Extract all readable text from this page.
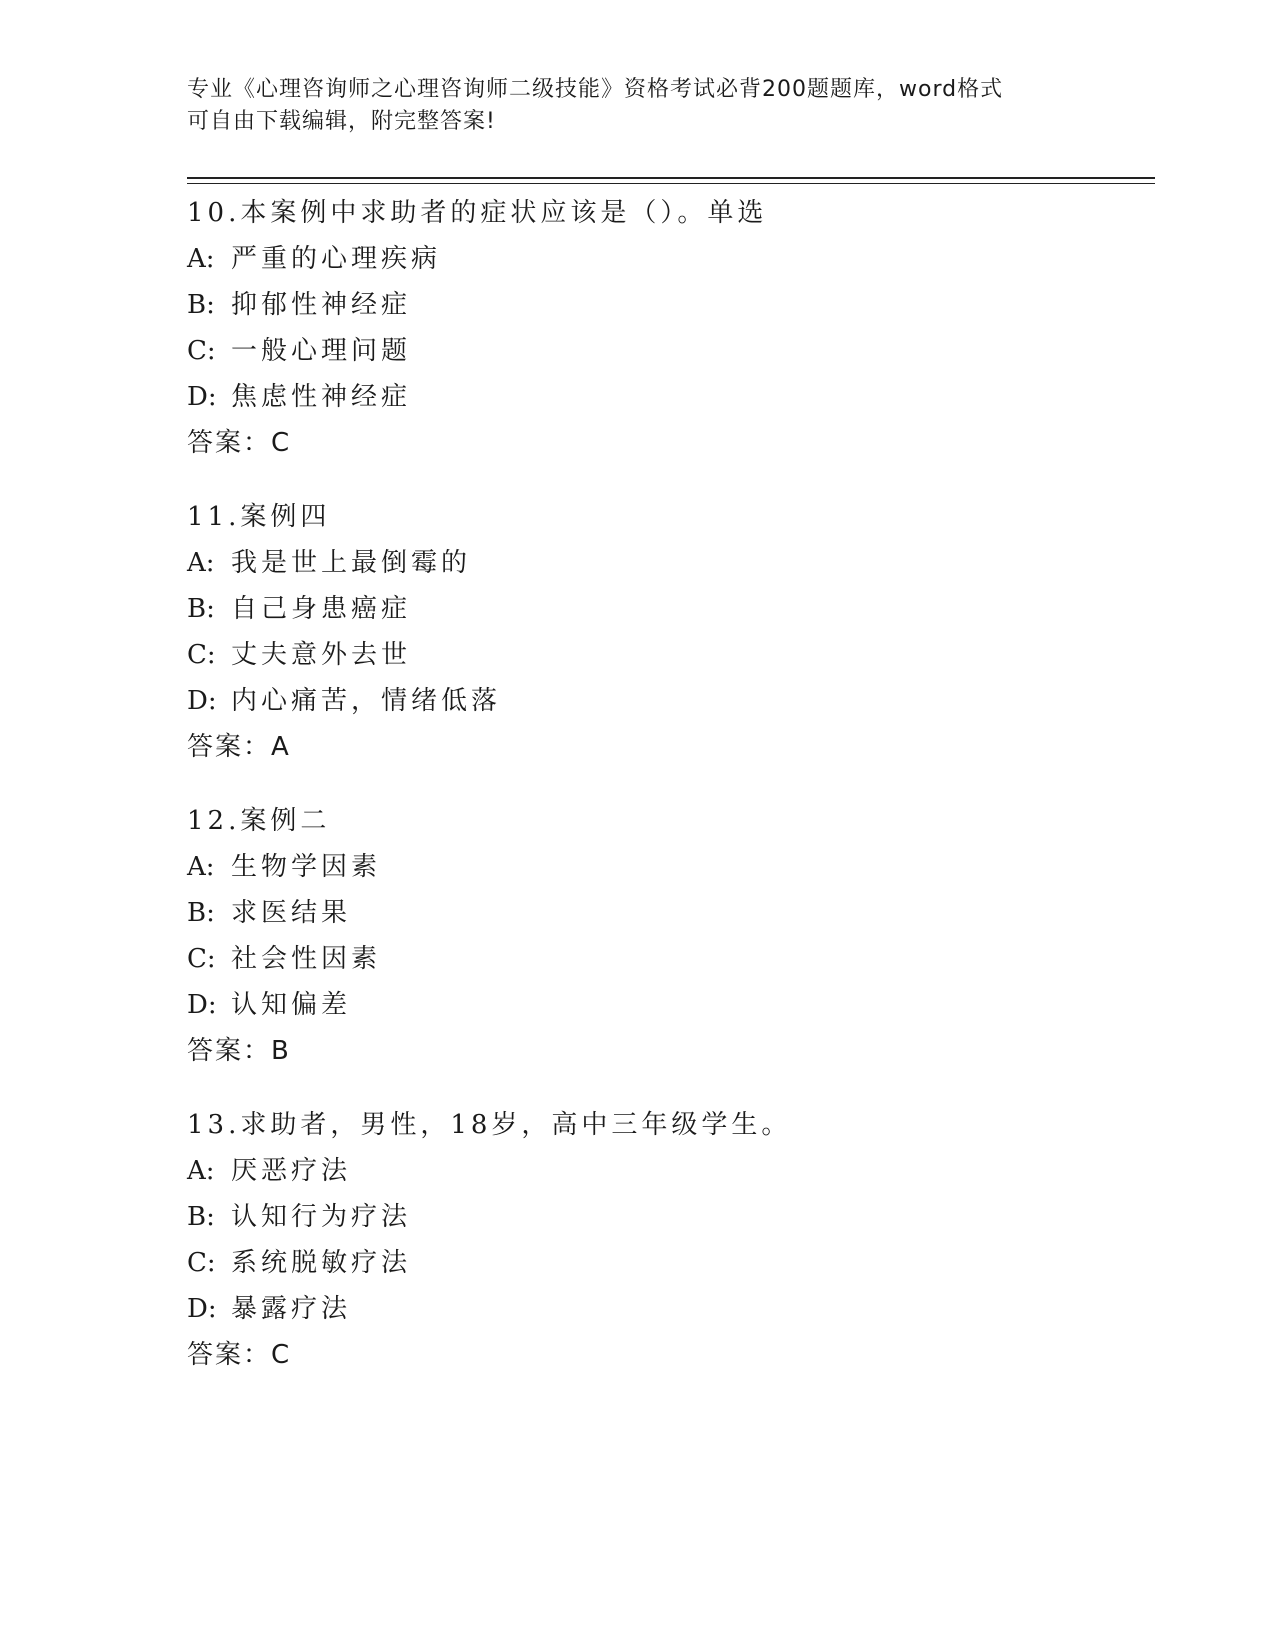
专业《心理咨询师之心理咨询师二级技能》资格考试必背200题题库，word格式
可自由下载编辑，附完整答案!
10.本案例中求助者的症状应该是（）。单选
A: 严重的心理疾病
B: 抑郁性神经症
C: 一般心理问题
D: 焦虑性神经症
答案：C
11.案例四
A: 我是世上最倒霉的
B: 自己身患癌症
C: 丈夫意外去世
D: 内心痛苦，情绪低落
答案：A
12.案例二
A: 生物学因素
B: 求医结果
C: 社会性因素
D: 认知偏差
答案：B
13.求助者，男性，18岁，高中三年级学生。
A: 厌恶疗法
B: 认知行为疗法
C: 系统脱敏疗法
D: 暴露疗法
答案：C
